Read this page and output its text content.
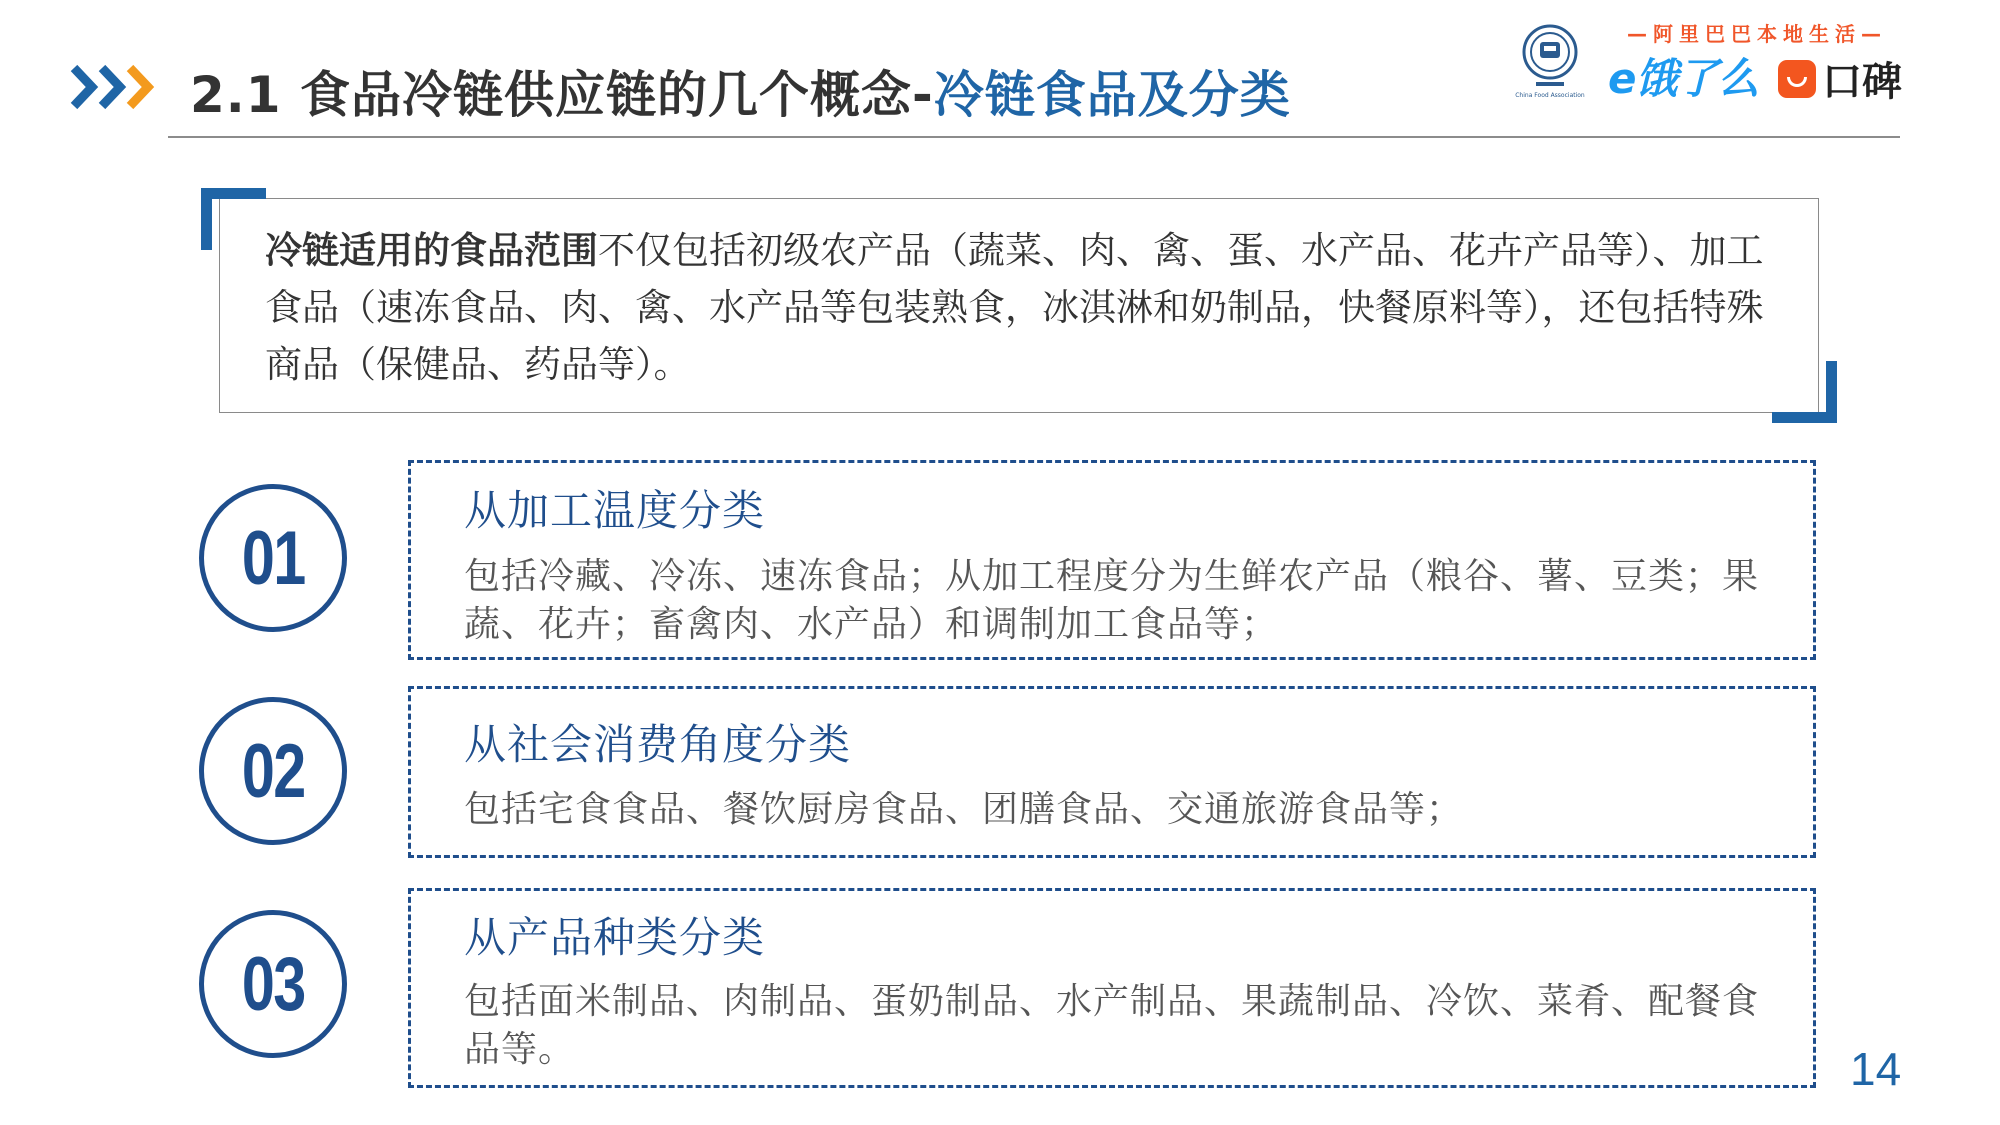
2.1 食品冷链供应链的几个概念-冷链食品及分类	China Food Association
—阿里巴巴本地生活—
e饿了么	口碑
冷链适用的食品范围不仅包括初级农产品（蔬菜、肉、禽、蛋、水产品、花卉产品等）、加工食品（速冻食品、肉、禽、水产品等包装熟食，冰淇淋和奶制品，快餐原料等），还包括特殊商品（保健品、药品等）。
01
从加工温度分类
包括冷藏、冷冻、速冻食品；从加工程度分为生鲜农产品（粮谷、薯、豆类；果蔬、花卉；畜禽肉、水产品）和调制加工食品等；
02	从社会消费角度分类
包括宅食食品、餐饮厨房食品、团膳食品、交通旅游食品等；
03
从产品种类分类
包括面米制品、肉制品、蛋奶制品、水产制品、果蔬制品、冷饮、菜肴、配餐食品等。	14
